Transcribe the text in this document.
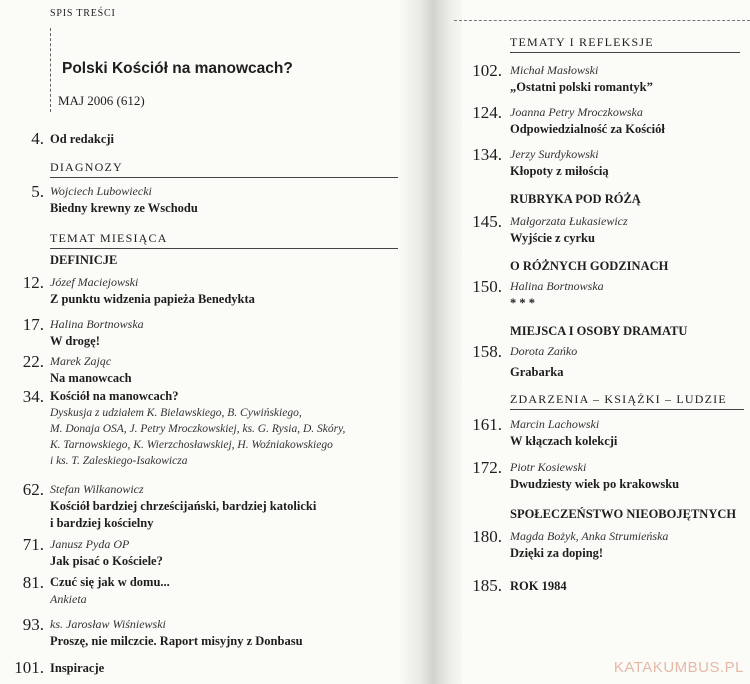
SPIS TREŚCI
Polski Kościół na manowcach?
MAJ 2006 (612)
4. Od redakcji
DIAGNOZY
5. Wojciech Lubowiecki
Biedny krewny ze Wschodu
TEMAT MIESIĄCA
DEFINICJE
12. Józef Maciejowski
Z punktu widzenia papieża Benedykta
17. Halina Bortnowska
W drogę!
22. Marek Zając
Na manowcach
34. Kościół na manowcach?
Dyskusja z udziałem K. Bielawskiego, B. Cywińskiego,
M. Donaja OSA, J. Petry Mroczkowskiej, ks. G. Rysia, D. Skóry,
K. Tarnowskiego, K. Wierzchosławskiej, H. Woźniakowskiego
i ks. T. Zaleskiego-Isakowicza
62. Stefan Wilkanowicz
Kościół bardziej chrześcijański, bardziej katolicki
i bardziej kościelny
71. Janusz Pyda OP
Jak pisać o Kościele?
81. Czuć się jak w domu...
Ankieta
93. ks. Jarosław Wiśniewski
Proszę, nie milczcie. Raport misyjny z Donbasu
101. Inspiracje
TEMATY I REFLEKSJE
102. Michał Masłowski
„Ostatni polski romantyk”
124. Joanna Petry Mroczkowska
Odpowiedzialność za Kościół
134. Jerzy Surdykowski
Kłopoty z miłością
RUBRYKA POD RÓŻĄ
145. Małgorzata Łukasiewicz
Wyjście z cyrku
O RÓŻNYCH GODZINACH
150. Halina Bortnowska
* * *
MIEJSCA I OSOBY DRAMATU
158. Dorota Zańko
Grabarka
ZDARZENIA – KSIĄŻKI – LUDZIE
161. Marcin Lachowski
W kłączach kolekcji
172. Piotr Kosiewski
Dwudziesty wiek po krakowsku
SPOŁECZEŃSTWO NIEOBOJĘTNYCH
180. Magda Bożyk, Anka Strumieńska
Dzięki za doping!
185. ROK 1984
KATAKUMBUS.PL
